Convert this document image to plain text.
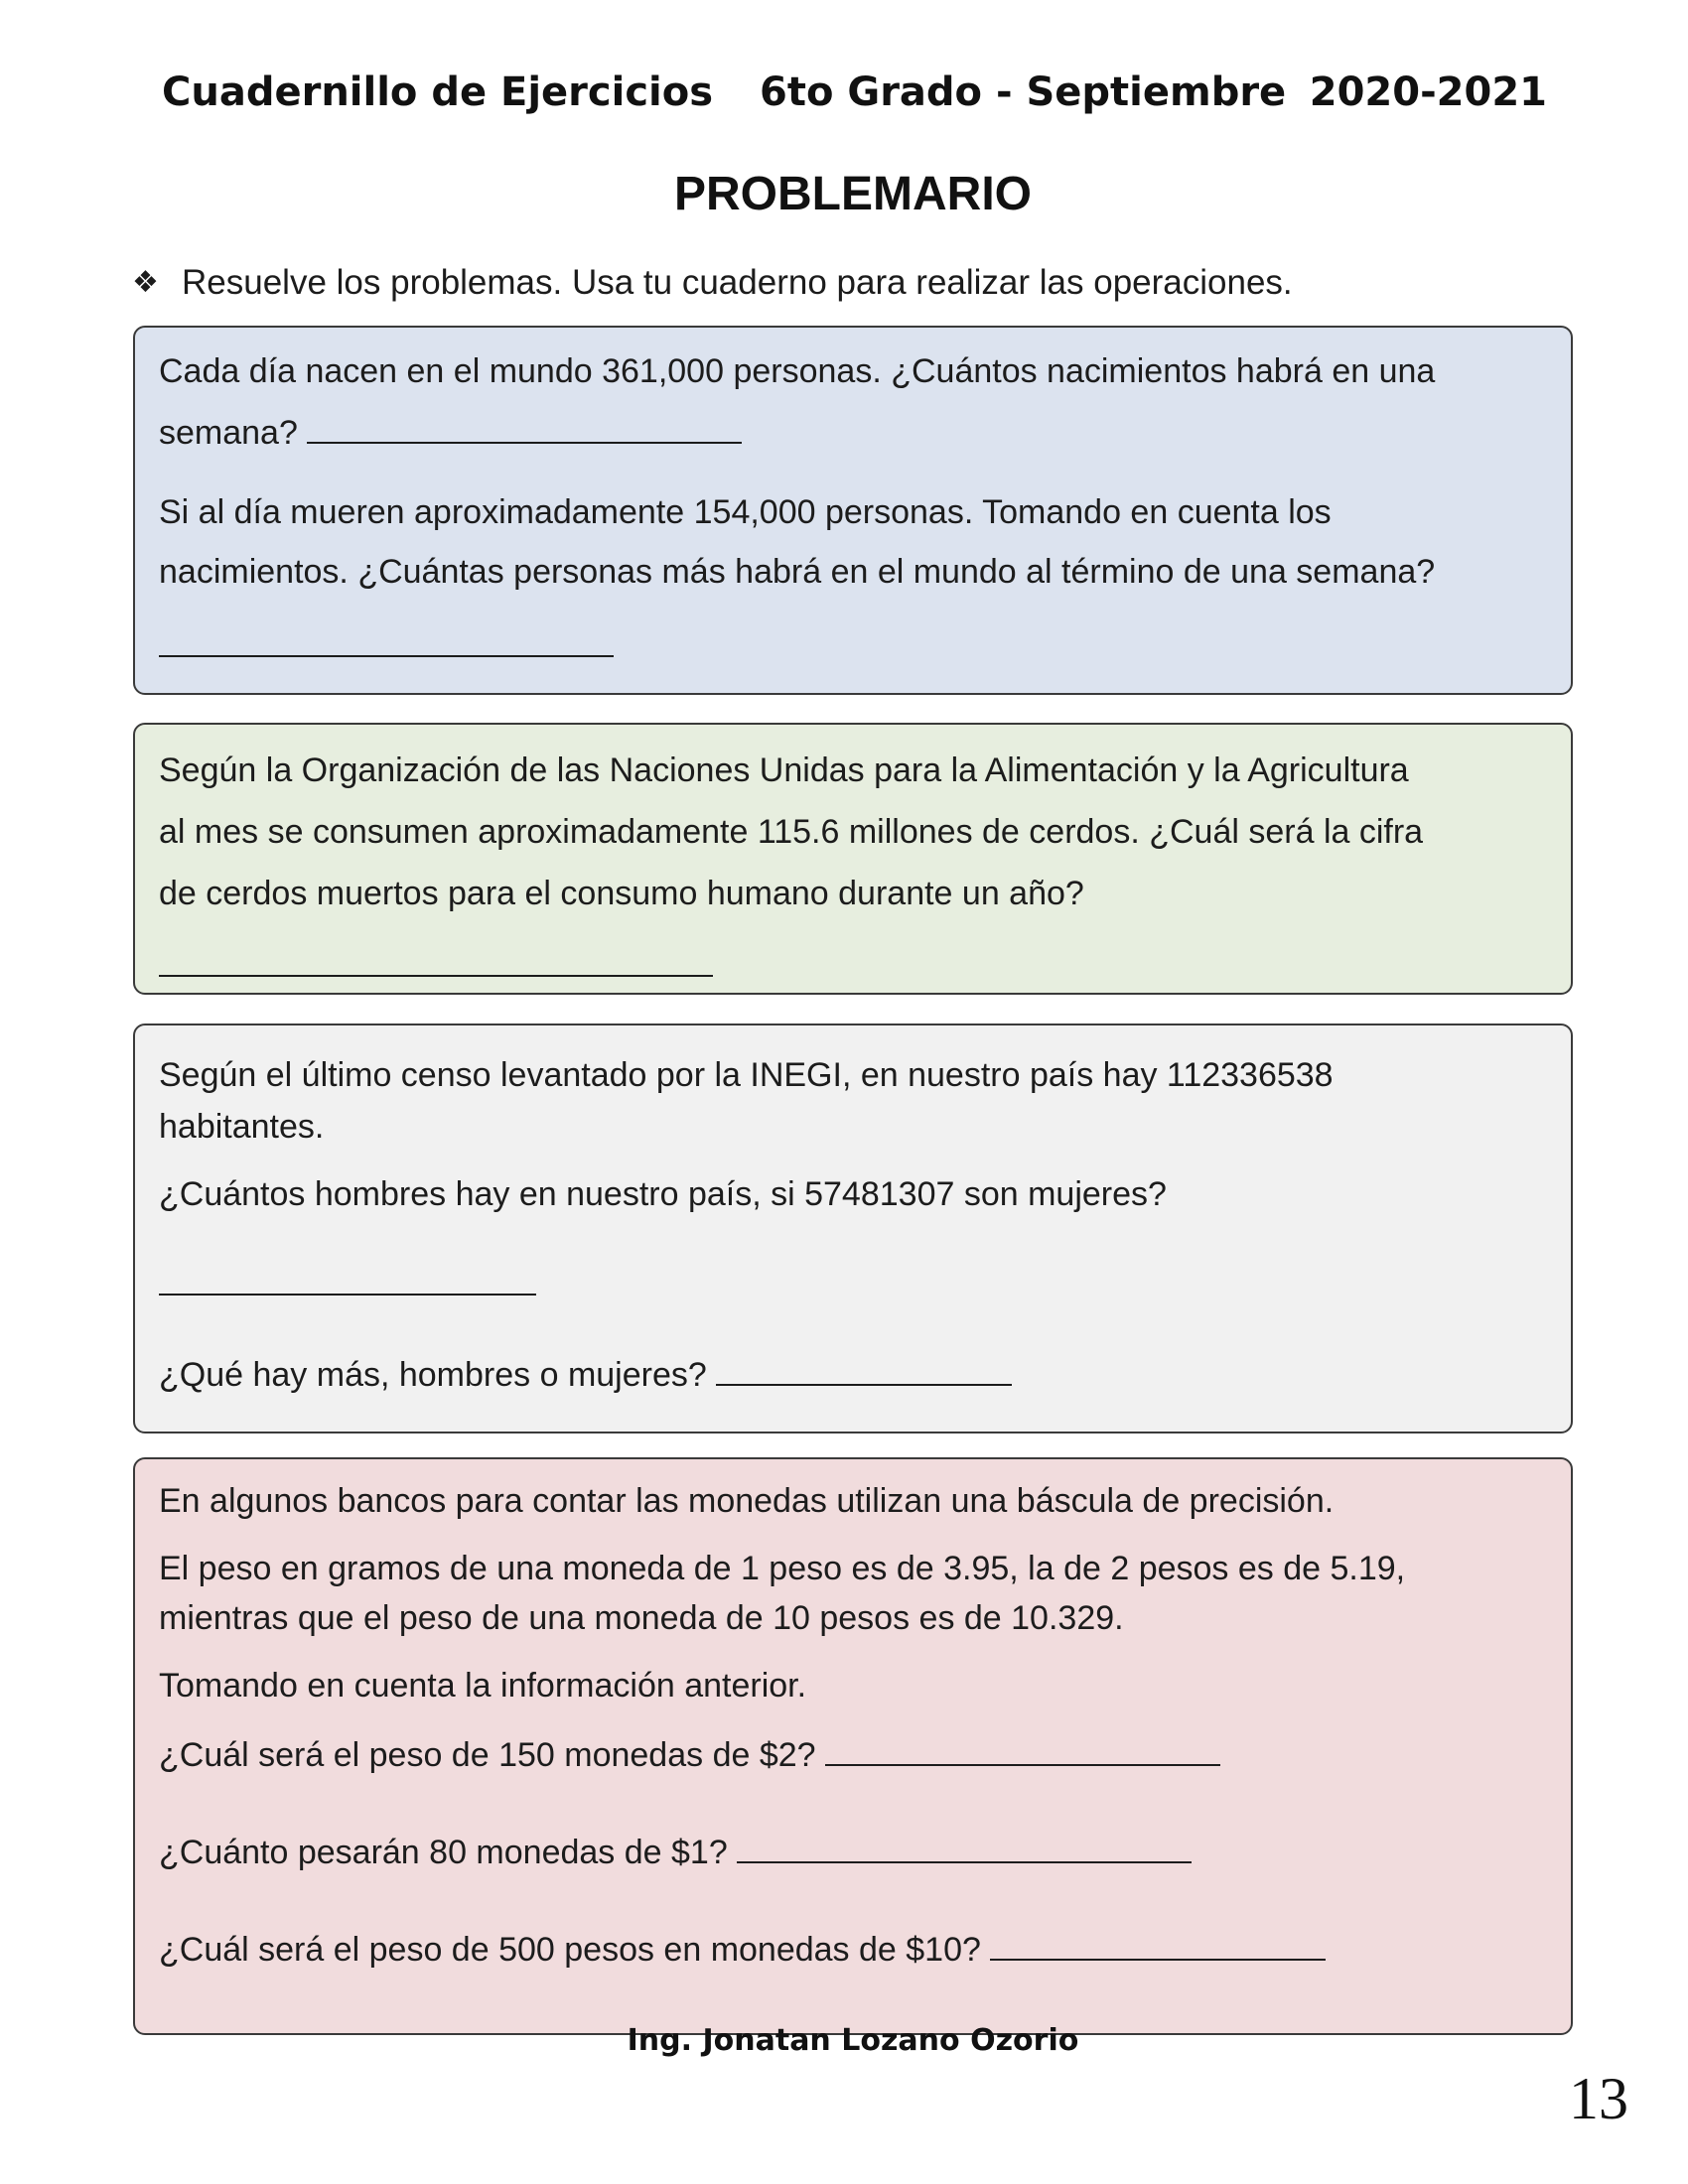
Cuadernillo de Ejercicios 6to Grado - Septiembre 2020-2021
PROBLEMARIO
❖ Resuelve los problemas. Usa tu cuaderno para realizar las operaciones.

Cada día nacen en el mundo 361,000 personas. ¿Cuántos nacimientos habrá en una

semana?

Si al día mueren aproximadamente 154,000 personas. Tomando en cuenta los

nacimientos. ¿Cuántas personas más habrá en el mundo al término de una semana?

Según la Organización de las Naciones Unidas para la Alimentación y la Agricultura

al mes se consumen aproximadamente 115.6 millones de cerdos. ¿Cuál será la cifra

de cerdos muertos para el consumo humano durante un año?

Según el último censo levantado por la INEGI, en nuestro país hay 112336538

habitantes.

¿Cuántos hombres hay en nuestro país, si 57481307 son mujeres?

¿Qué hay más, hombres o mujeres?

En algunos bancos para contar las monedas utilizan una báscula de precisión.

El peso en gramos de una moneda de 1 peso es de 3.95, la de 2 pesos es de 5.19,

mientras que el peso de una moneda de 10 pesos es de 10.329.

Tomando en cuenta la información anterior.

¿Cuál será el peso de 150 monedas de $2?

¿Cuánto pesarán 80 monedas de $1?

¿Cuál será el peso de 500 pesos en monedas de $10?

Ing. Jonatan Lozano Ozorio
13
